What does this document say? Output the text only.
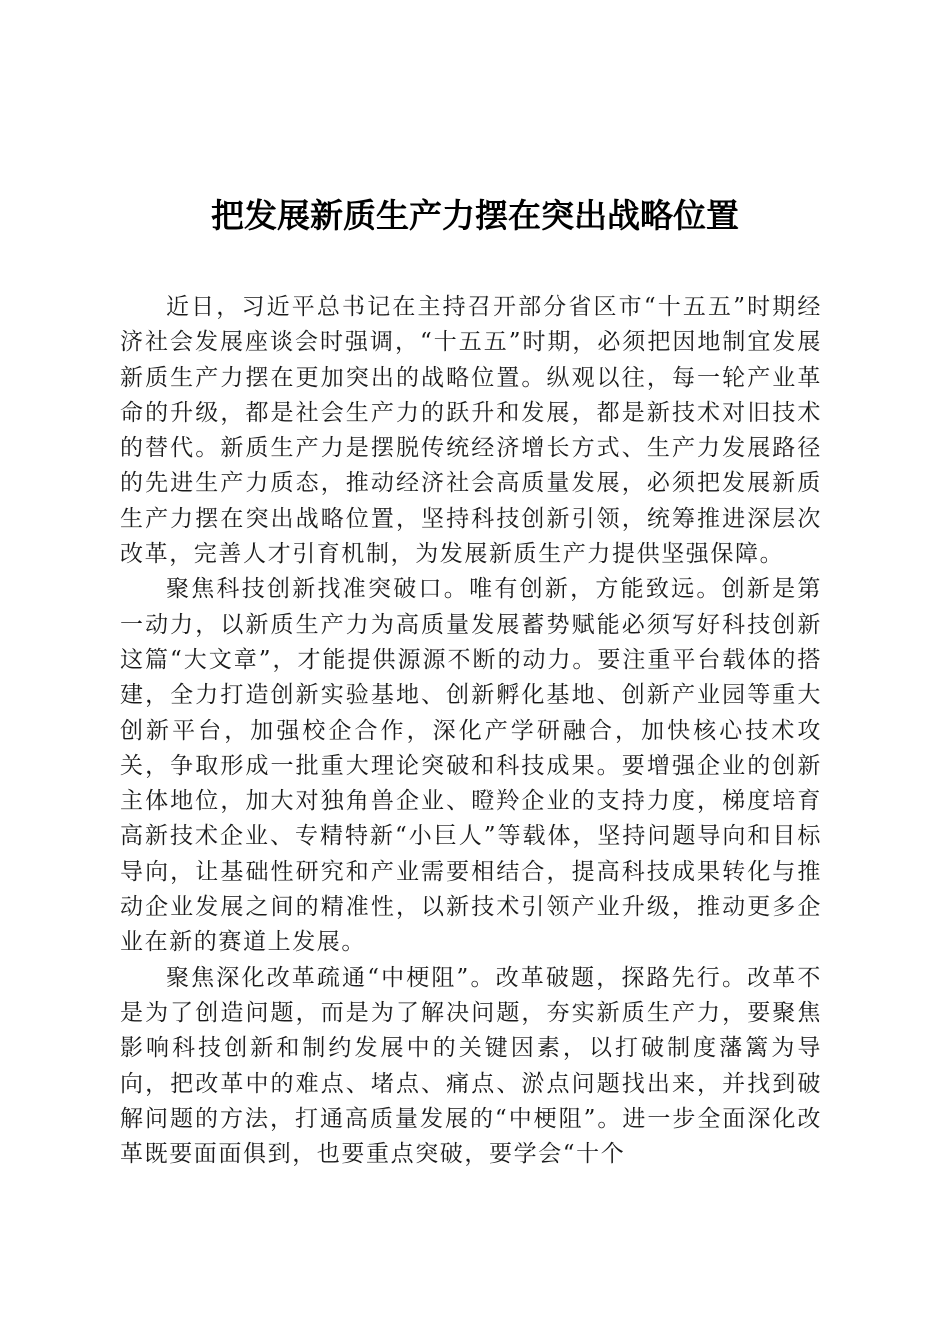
把发展新质生产力摆在突出战略位置

近日，习近平总书记在主持召开部分省区市“十五五”时期经济社会发展座谈会时强调，“十五五”时期，必须把因地制宜发展新质生产力摆在更加突出的战略位置。纵观以往，每一轮产业革命的升级，都是社会生产力的跃升和发展，都是新技术对旧技术的替代。新质生产力是摆脱传统经济增长方式、生产力发展路径的先进生产力质态，推动经济社会高质量发展，必须把发展新质生产力摆在突出战略位置，坚持科技创新引领，统筹推进深层次改革，完善人才引育机制，为发展新质生产力提供坚强保障。

聚焦科技创新找准突破口。唯有创新，方能致远。创新是第一动力，以新质生产力为高质量发展蓄势赋能必须写好科技创新这篇“大文章”，才能提供源源不断的动力。要注重平台载体的搭建，全力打造创新实验基地、创新孵化基地、创新产业园等重大创新平台，加强校企合作，深化产学研融合，加快核心技术攻关，争取形成一批重大理论突破和科技成果。要增强企业的创新主体地位，加大对独角兽企业、瞪羚企业的支持力度，梯度培育高新技术企业、专精特新“小巨人”等载体，坚持问题导向和目标导向，让基础性研究和产业需要相结合，提高科技成果转化与推动企业发展之间的精准性，以新技术引领产业升级，推动更多企业在新的赛道上发展。

聚焦深化改革疏通“中梗阻”。改革破题，探路先行。改革不是为了创造问题，而是为了解决问题，夯实新质生产力，要聚焦影响科技创新和制约发展中的关键因素，以打破制度藩篱为导向，把改革中的难点、堵点、痛点、淤点问题找出来，并找到破解问题的方法，打通高质量发展的“中梗阻”。进一步全面深化改革既要面面俱到，也要重点突破，要学会“十个
